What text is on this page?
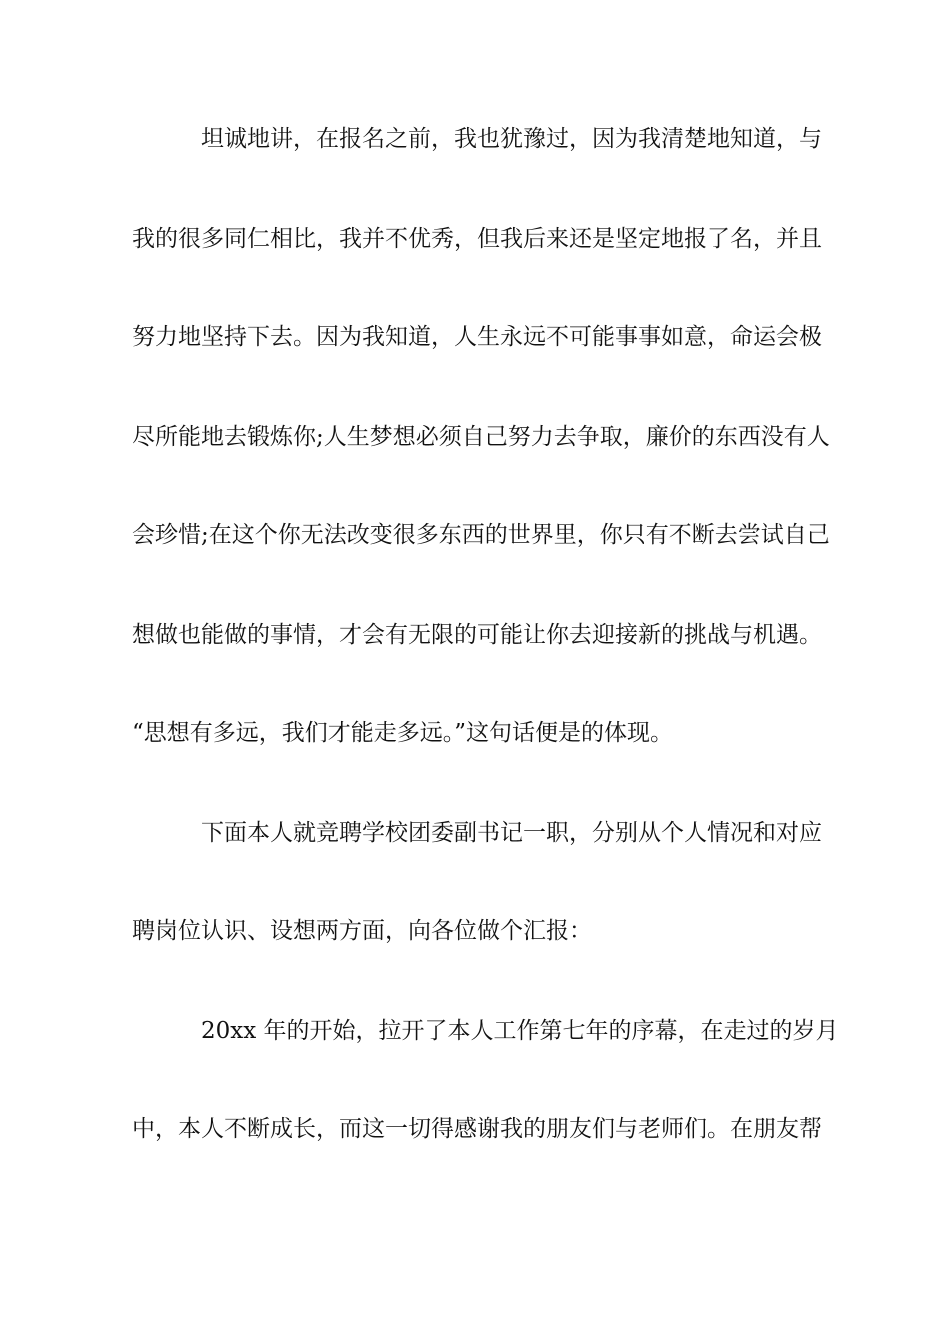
坦诚地讲，在报名之前，我也犹豫过，因为我清楚地知道，与
我的很多同仁相比，我并不优秀，但我后来还是坚定地报了名，并且
努力地坚持下去。因为我知道，人生永远不可能事事如意，命运会极
尽所能地去锻炼你;人生梦想必须自己努力去争取，廉价的东西没有人
会珍惜;在这个你无法改变很多东西的世界里，你只有不断去尝试自己
想做也能做的事情，才会有无限的可能让你去迎接新的挑战与机遇。
“思想有多远，我们才能走多远。”这句话便是的体现。
下面本人就竞聘学校团委副书记一职，分别从个人情况和对应
聘岗位认识、设想两方面，向各位做个汇报：
20xx 年的开始，拉开了本人工作第七年的序幕，在走过的岁月
中，本人不断成长，而这一切得感谢我的朋友们与老师们。在朋友帮
